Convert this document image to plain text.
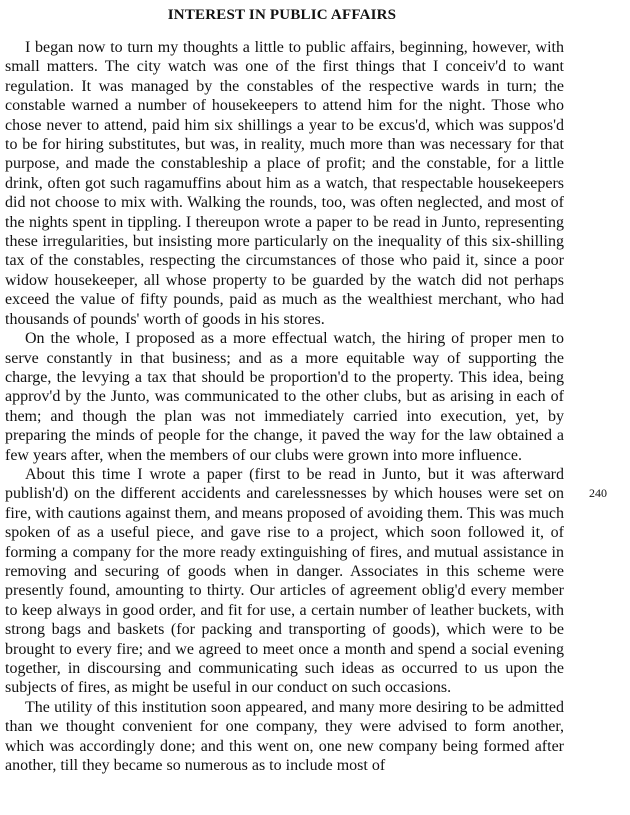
INTEREST IN PUBLIC AFFAIRS

I began now to turn my thoughts a little to public affairs, beginning, however, with small matters. The city watch was one of the first things that I conceiv'd to want regulation. It was managed by the constables of the respective wards in turn; the constable warned a number of housekeepers to attend him for the night. Those who chose never to attend, paid him six shillings a year to be excus'd, which was suppos'd to be for hiring substitutes, but was, in reality, much more than was necessary for that purpose, and made the constableship a place of profit; and the constable, for a little drink, often got such ragamuffins about him as a watch, that respectable housekeepers did not choose to mix with. Walking the rounds, too, was often neglected, and most of the nights spent in tippling. I thereupon wrote a paper to be read in Junto, representing these irregularities, but insisting more particularly on the inequality of this six-shilling tax of the constables, respecting the circumstances of those who paid it, since a poor widow housekeeper, all whose property to be guarded by the watch did not perhaps exceed the value of fifty pounds, paid as much as the wealthiest merchant, who had thousands of pounds' worth of goods in his stores.

On the whole, I proposed as a more effectual watch, the hiring of proper men to serve constantly in that business; and as a more equitable way of supporting the charge, the levying a tax that should be proportion'd to the property. This idea, being approv'd by the Junto, was communicated to the other clubs, but as arising in each of them; and though the plan was not immediately carried into execution, yet, by preparing the minds of people for the change, it paved the way for the law obtained a few years after, when the members of our clubs were grown into more influence.

About this time I wrote a paper (first to be read in Junto, but it was afterward publish'd) on the different accidents and carelessnesses by which houses were set on fire, with cautions against them, and means proposed of avoiding them. This was much spoken of as a useful piece, and gave rise to a project, which soon followed it, of forming a company for the more ready extinguishing of fires, and mutual assistance in removing and securing of goods when in danger. Associates in this scheme were presently found, amounting to thirty. Our articles of agreement oblig'd every member to keep always in good order, and fit for use, a certain number of leather buckets, with strong bags and baskets (for packing and transporting of goods), which were to be brought to every fire; and we agreed to meet once a month and spend a social evening together, in discoursing and communicating such ideas as occurred to us upon the subjects of fires, as might be useful in our conduct on such occasions.

The utility of this institution soon appeared, and many more desiring to be admitted than we thought convenient for one company, they were advised to form another, which was accordingly done; and this went on, one new company being formed after another, till they became so numerous as to include most of

240
